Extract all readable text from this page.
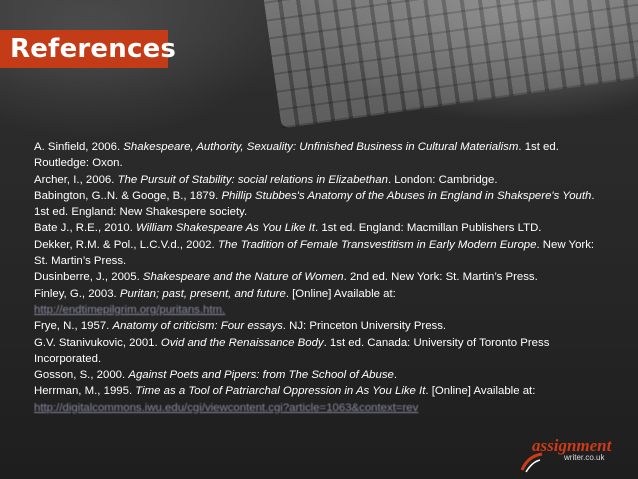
References

A. Sinfield, 2006. Shakespeare, Authority, Sexuality: Unfinished Business in Cultural Materialism. 1st ed. Routledge: Oxon.

Archer, I., 2006. The Pursuit of Stability: social relations in Elizabethan. London: Cambridge.

Babington, G..N. & Googe, B., 1879. Phillip Stubbes's Anatomy of the Abuses in England in Shakspere's Youth. 1st ed. England: New Shakespere society.

Bate J., R.E., 2010. William Shakespeare As You Like It. 1st ed. England: Macmillan Publishers LTD.

Dekker, R.M. & Pol., L.C.V.d., 2002. The Tradition of Female Transvestitism in Early Modern Europe. New York: St. Martin’s Press.

Dusinberre, J., 2005. Shakespeare and the Nature of Women. 2nd ed. New York: St. Martin’s Press.

Finley, G., 2003. Puritan; past, present, and future. [Online] Available at:
http://endtimepilgrim.org/puritans.htm.

Frye, N., 1957. Anatomy of criticism: Four essays. NJ: Princeton University Press.

G.V. Stanivukovic, 2001. Ovid and the Renaissance Body. 1st ed. Canada: University of Toronto Press Incorporated.

Gosson, S., 2000. Against Poets and Pipers: from The School of Abuse.

Herrman, M., 1995. Time as a Tool of Patriarchal Oppression in As You Like It. [Online] Available at:
http://digitalcommons.iwu.edu/cgi/viewcontent.cgi?article=1063&context=rev

assignment
writer.co.uk
